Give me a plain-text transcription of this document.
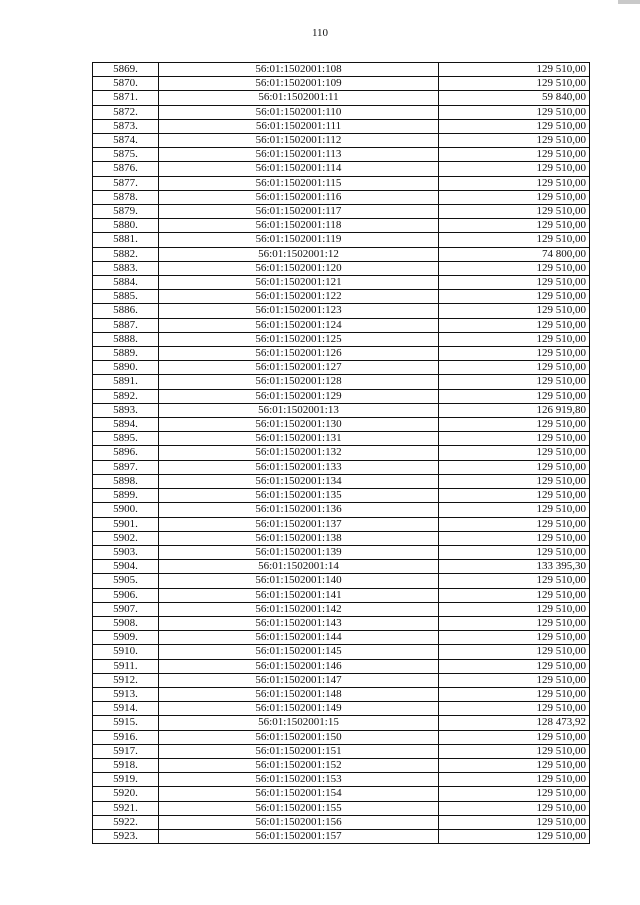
110
5869.	56:01:1502001:108	129 510,00
5870.	56:01:1502001:109	129 510,00
5871.	56:01:1502001:11	59 840,00
5872.	56:01:1502001:110	129 510,00
5873.	56:01:1502001:111	129 510,00
5874.	56:01:1502001:112	129 510,00
5875.	56:01:1502001:113	129 510,00
5876.	56:01:1502001:114	129 510,00
5877.	56:01:1502001:115	129 510,00
5878.	56:01:1502001:116	129 510,00
5879.	56:01:1502001:117	129 510,00
5880.	56:01:1502001:118	129 510,00
5881.	56:01:1502001:119	129 510,00
5882.	56:01:1502001:12	74 800,00
5883.	56:01:1502001:120	129 510,00
5884.	56:01:1502001:121	129 510,00
5885.	56:01:1502001:122	129 510,00
5886.	56:01:1502001:123	129 510,00
5887.	56:01:1502001:124	129 510,00
5888.	56:01:1502001:125	129 510,00
5889.	56:01:1502001:126	129 510,00
5890.	56:01:1502001:127	129 510,00
5891.	56:01:1502001:128	129 510,00
5892.	56:01:1502001:129	129 510,00
5893.	56:01:1502001:13	126 919,80
5894.	56:01:1502001:130	129 510,00
5895.	56:01:1502001:131	129 510,00
5896.	56:01:1502001:132	129 510,00
5897.	56:01:1502001:133	129 510,00
5898.	56:01:1502001:134	129 510,00
5899.	56:01:1502001:135	129 510,00
5900.	56:01:1502001:136	129 510,00
5901.	56:01:1502001:137	129 510,00
5902.	56:01:1502001:138	129 510,00
5903.	56:01:1502001:139	129 510,00
5904.	56:01:1502001:14	133 395,30
5905.	56:01:1502001:140	129 510,00
5906.	56:01:1502001:141	129 510,00
5907.	56:01:1502001:142	129 510,00
5908.	56:01:1502001:143	129 510,00
5909.	56:01:1502001:144	129 510,00
5910.	56:01:1502001:145	129 510,00
5911.	56:01:1502001:146	129 510,00
5912.	56:01:1502001:147	129 510,00
5913.	56:01:1502001:148	129 510,00
5914.	56:01:1502001:149	129 510,00
5915.	56:01:1502001:15	128 473,92
5916.	56:01:1502001:150	129 510,00
5917.	56:01:1502001:151	129 510,00
5918.	56:01:1502001:152	129 510,00
5919.	56:01:1502001:153	129 510,00
5920.	56:01:1502001:154	129 510,00
5921.	56:01:1502001:155	129 510,00
5922.	56:01:1502001:156	129 510,00
5923.	56:01:1502001:157	129 510,00
